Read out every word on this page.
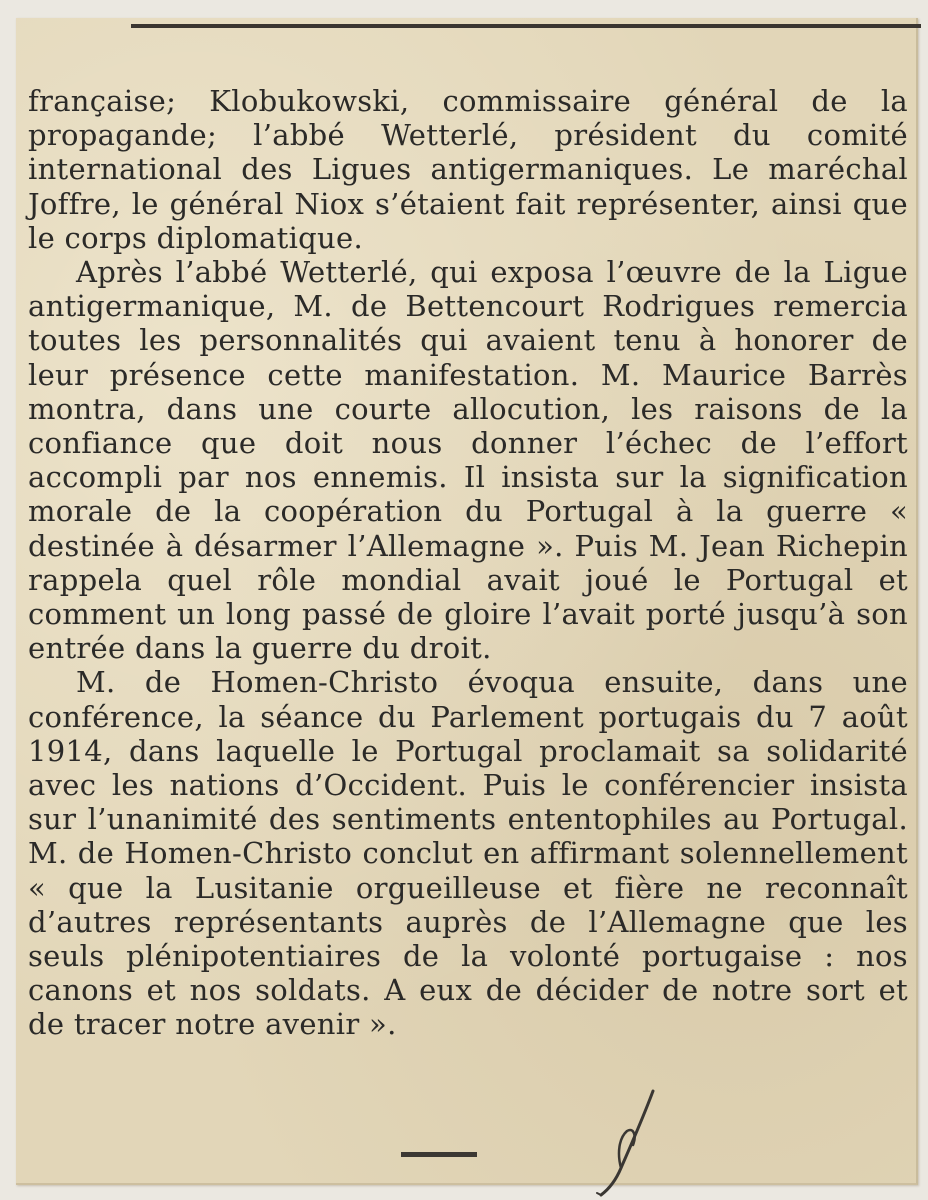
française; Klobukowski, commissaire général de la propagande; l’abbé Wetterlé, président du comité international des Ligues antigermaniques. Le maréchal Joffre, le général Niox s’étaient fait représenter, ainsi que le corps diplomatique.

Après l’abbé Wetterlé, qui exposa l’œuvre de la Ligue antigermanique, M. de Bettencourt Rodrigues remercia toutes les personnalités qui avaient tenu à honorer de leur présence cette manifestation. M. Maurice Barrès montra, dans une courte allocution, les raisons de la confiance que doit nous donner l’échec de l’effort accompli par nos ennemis. Il insista sur la signification morale de la coopération du Portugal à la guerre « destinée à désarmer l’Allemagne ». Puis M. Jean Richepin rappela quel rôle mondial avait joué le Portugal et comment un long passé de gloire l’avait porté jusqu’à son entrée dans la guerre du droit.

M. de Homen-Christo évoqua ensuite, dans une conférence, la séance du Parlement portugais du 7 août 1914, dans laquelle le Portugal proclamait sa solidarité avec les nations d’Occident. Puis le conférencier insista sur l’unanimité des sentiments ententophiles au Portugal. M. de Homen-Christo conclut en affirmant solennellement « que la Lusitanie orgueilleuse et fière ne reconnaît d’autres représentants auprès de l’Allemagne que les seuls plénipotentiaires de la volonté portugaise : nos canons et nos soldats. A eux de décider de notre sort et de tracer notre avenir ».
